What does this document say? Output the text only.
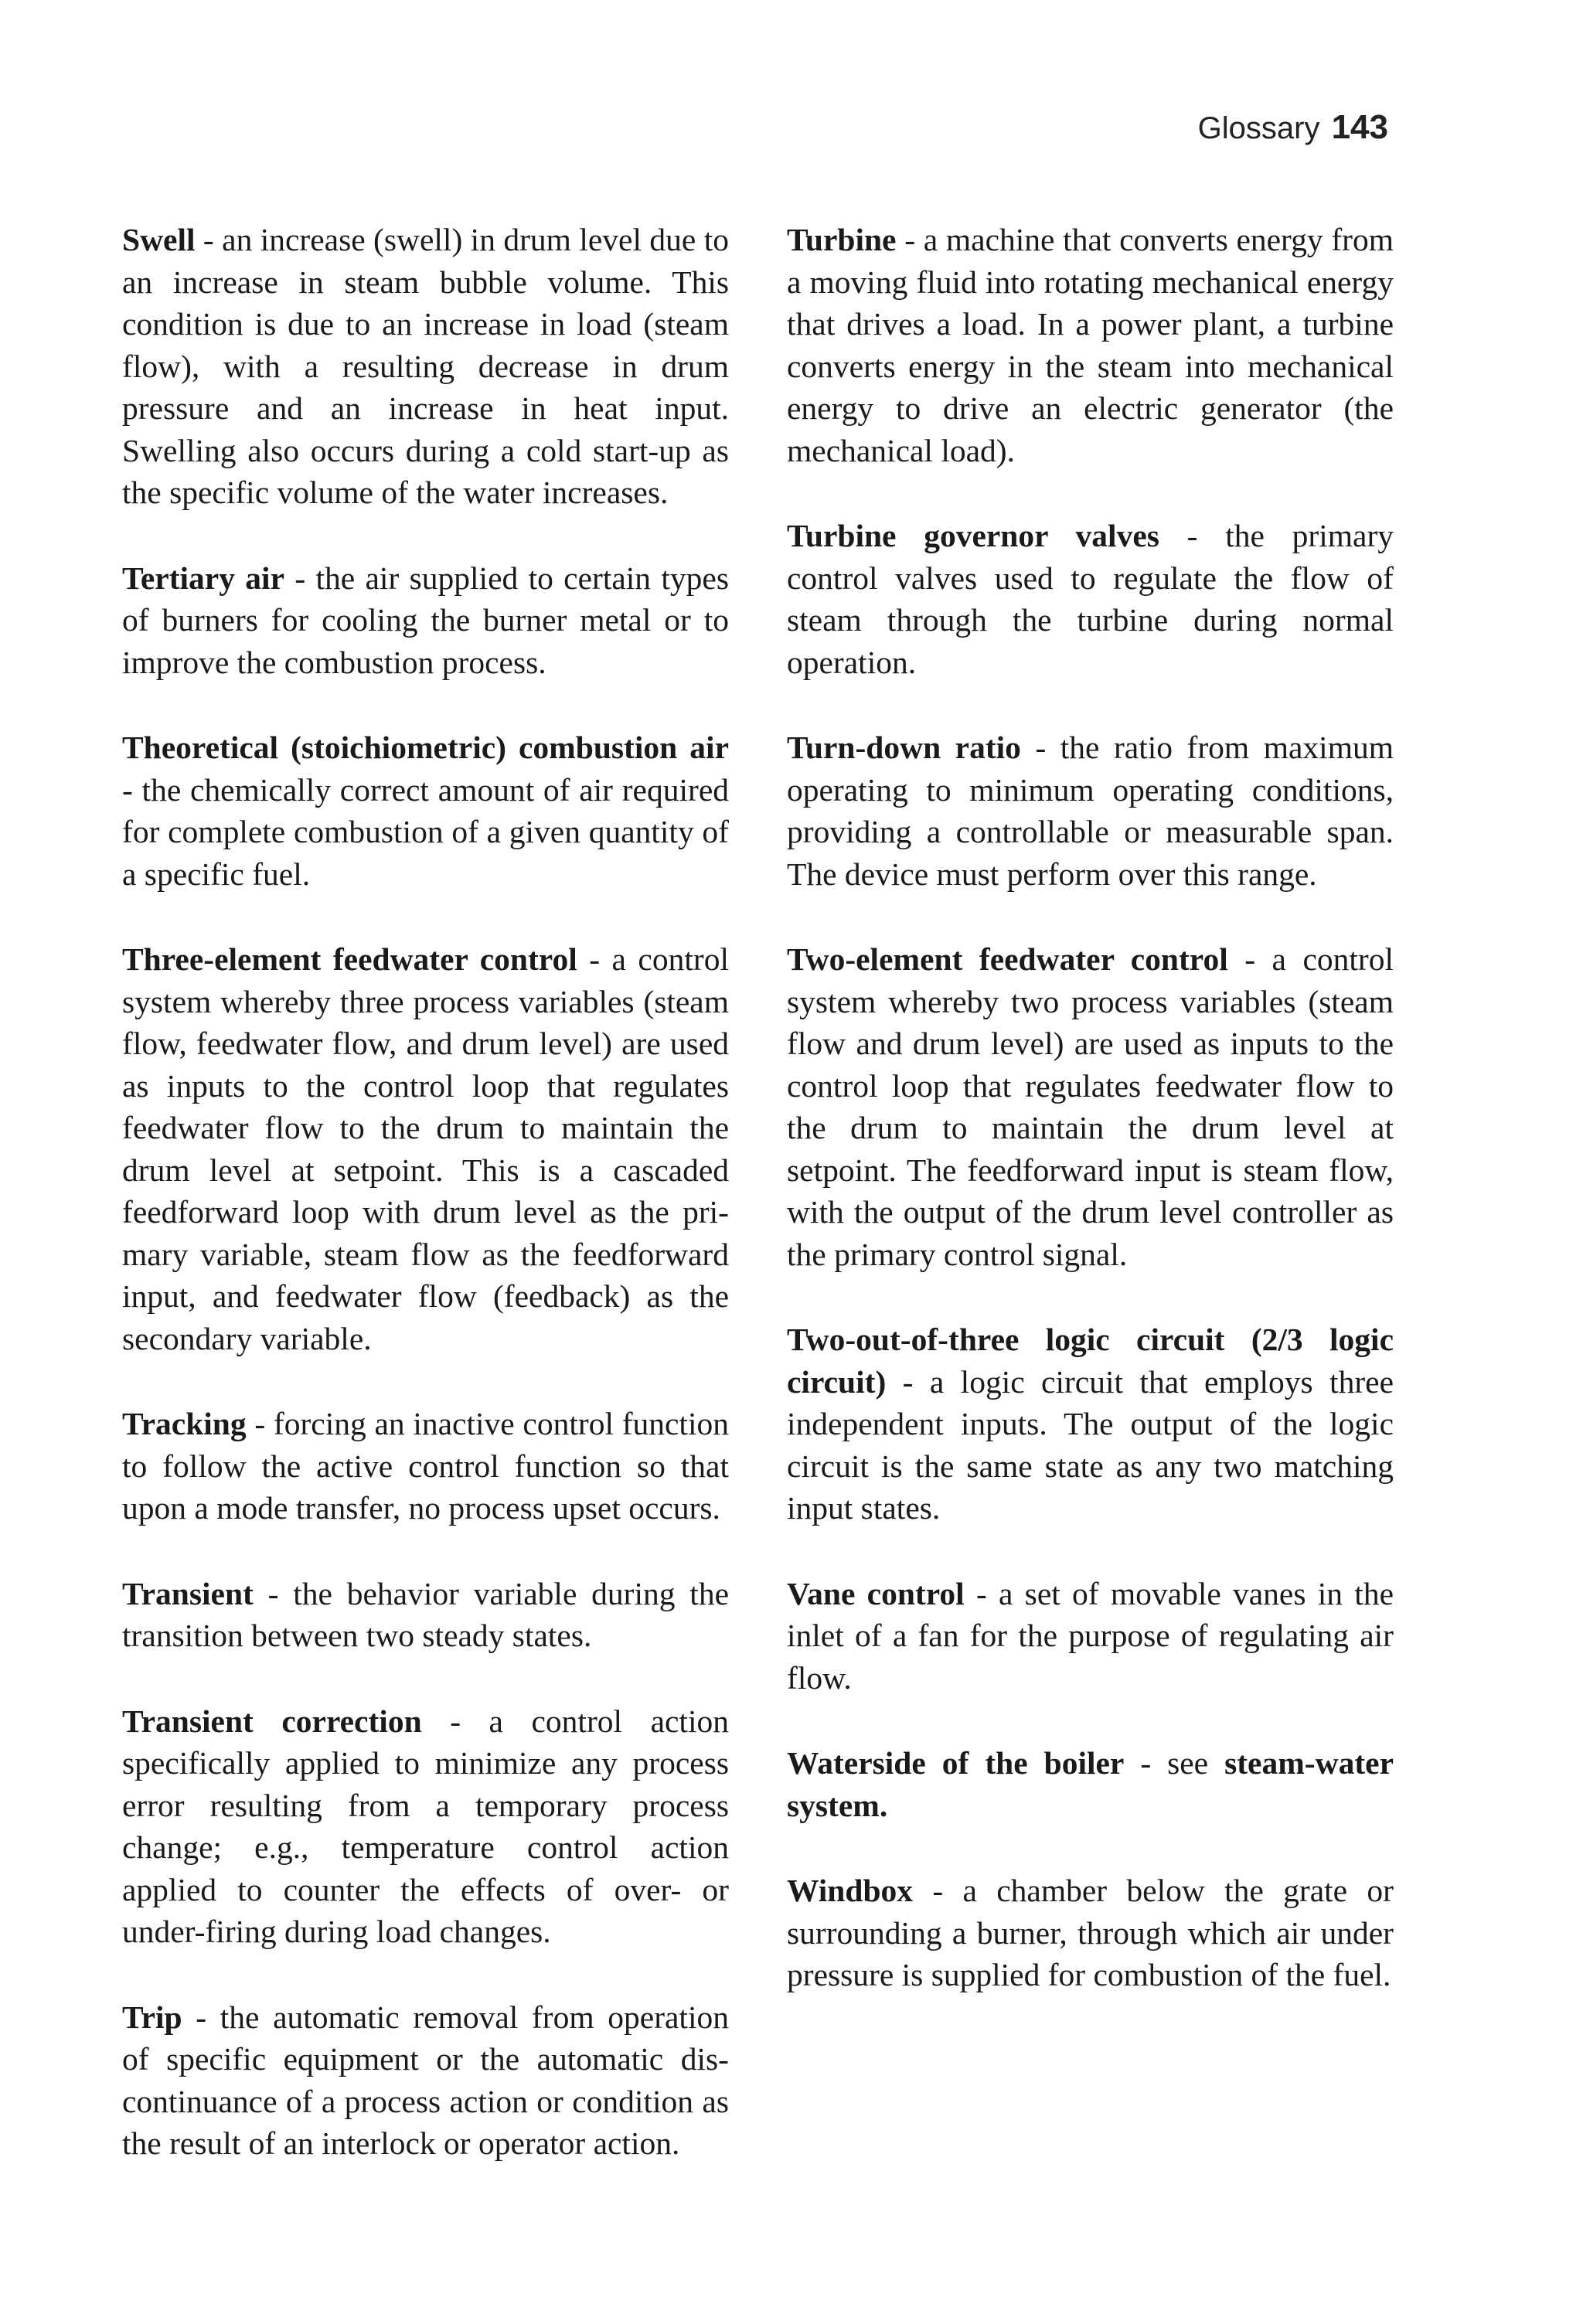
Glossary 143

Swell - an increase (swell) in drum level due to an increase in steam bubble volume. This condition is due to an increase in load (steam flow), with a resulting decrease in drum pressure and an increase in heat input. Swelling also occurs during a cold start-up as the specific volume of the water increases.

Tertiary air - the air supplied to certain types of burners for cooling the burner metal or to improve the combustion process.

Theoretical (stoichiometric) combustion air - the chemically correct amount of air required for complete combustion of a given quantity of a specific fuel.

Three-element feedwater control - a control system whereby three process variables (steam flow, feedwater flow, and drum level) are used as inputs to the control loop that regulates feedwater flow to the drum to maintain the drum level at setpoint. This is a cascaded feedforward loop with drum level as the primary variable, steam flow as the feedforward input, and feedwater flow (feedback) as the secondary variable.

Tracking - forcing an inactive control function to follow the active control function so that upon a mode transfer, no process upset occurs.

Transient - the behavior variable during the transition between two steady states.

Transient correction - a control action specifically applied to minimize any process error resulting from a temporary process change; e.g., temperature control action applied to counter the effects of over- or under-firing during load changes.

Trip - the automatic removal from operation of specific equipment or the automatic discontinuance of a process action or condition as the result of an interlock or operator action.

Turbine - a machine that converts energy from a moving fluid into rotating mechanical energy that drives a load. In a power plant, a turbine converts energy in the steam into mechanical energy to drive an electric generator (the mechanical load).

Turbine governor valves - the primary control valves used to regulate the flow of steam through the turbine during normal operation.

Turn-down ratio - the ratio from maximum operating to minimum operating conditions, providing a controllable or measurable span. The device must perform over this range.

Two-element feedwater control - a control system whereby two process variables (steam flow and drum level) are used as inputs to the control loop that regulates feedwater flow to the drum to maintain the drum level at setpoint. The feedforward input is steam flow, with the output of the drum level controller as the primary control signal.

Two-out-of-three logic circuit (2/3 logic circuit) - a logic circuit that employs three independent inputs. The output of the logic circuit is the same state as any two matching input states.

Vane control - a set of movable vanes in the inlet of a fan for the purpose of regulating air flow.

Waterside of the boiler - see steam-water system.

Windbox - a chamber below the grate or surrounding a burner, through which air under pressure is supplied for combustion of the fuel.
